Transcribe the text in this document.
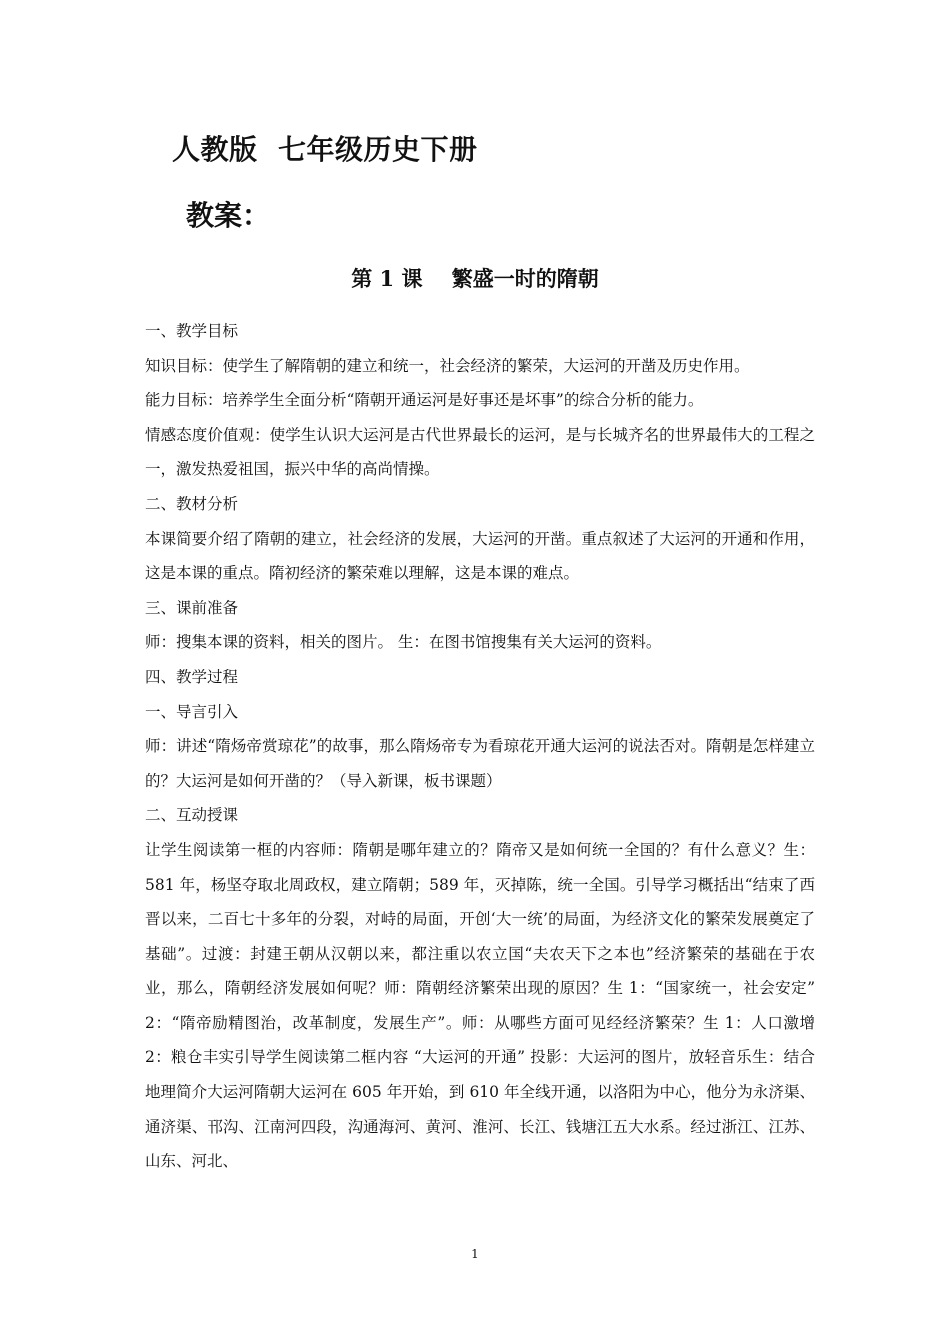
人教版  七年级历史下册
教案：
第 1 课    繁盛一时的隋朝

一、教学目标

知识目标：使学生了解隋朝的建立和统一，社会经济的繁荣，大运河的开凿及历史作用。

能力目标：培养学生全面分析“隋朝开通运河是好事还是坏事”的综合分析的能力。

情感态度价值观：使学生认识大运河是古代世界最长的运河，是与长城齐名的世界最伟大的工程之一，激发热爱祖国，振兴中华的高尚情操。

二、教材分析

本课简要介绍了隋朝的建立，社会经济的发展，大运河的开凿。重点叙述了大运河的开通和作用，这是本课的重点。隋初经济的繁荣难以理解，这是本课的难点。

三、课前准备

师：搜集本课的资料，相关的图片。 生：在图书馆搜集有关大运河的资料。

四、教学过程

一、导言引入

师：讲述“隋炀帝赏琼花”的故事，那么隋炀帝专为看琼花开通大运河的说法否对。隋朝是怎样建立的？大运河是如何开凿的？（导入新课，板书课题）

二、互动授课

让学生阅读第一框的内容师：隋朝是哪年建立的？隋帝又是如何统一全国的？有什么意义？生：581 年，杨坚夺取北周政权，建立隋朝；589 年，灭掉陈，统一全国。引导学习概括出“结束了西晋以来，二百七十多年的分裂，对峙的局面，开创‘大一统’的局面，为经济文化的繁荣发展奠定了基础”。过渡：封建王朝从汉朝以来，都注重以农立国“夫农天下之本也”经济繁荣的基础在于农业，那么，隋朝经济发展如何呢？师：隋朝经济繁荣出现的原因？生 1：“国家统一，社会安定” 2：“隋帝励精图治，改革制度，发展生产”。师：从哪些方面可见经经济繁荣？生 1：人口激增 2：粮仓丰实引导学生阅读第二框内容 “大运河的开通” 投影：大运河的图片，放轻音乐生：结合地理简介大运河隋朝大运河在 605 年开始，到 610 年全线开通，以洛阳为中心，他分为永济渠、通济渠、邗沟、江南河四段，沟通海河、黄河、淮河、长江、钱塘江五大水系。经过浙江、江苏、山东、河北、

1
